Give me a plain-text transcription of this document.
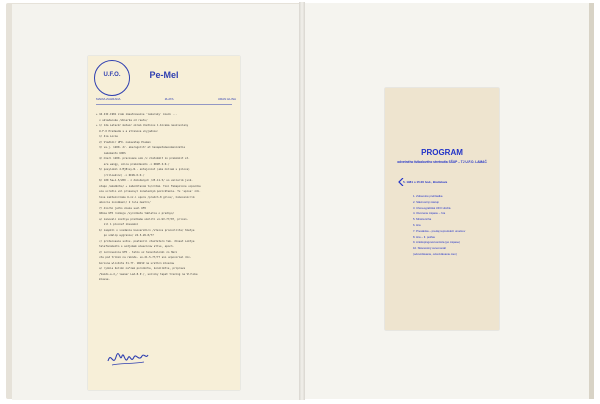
U.F.O.	Pe-Mel
MARIA ZAHRADA	ZLATA	URAN HLINA
+ 16.III.1981 ziak zmestnavanie 'lekarsky' kosik ...
v skladacuke /zbierka od rastu/
+ 1/ 12a Leteckr meteor okrem dietinou 1.bicama neuzivolany
U.F.O Predseda s a stranova vnyjadnou:
1/ 4ia Locne
2/ Vladimir UFO- nazavatep Pieman
3/ ve.j. 1200- dr. akerogolitr et hexapetomecomenizatie
nakomento UOOS
4/ mleri 1200- pracovane som /v zlatokmit zo prakomnit st.
ere wangy, alice prakodavato -> NOZE.Z.R./
5/ posylomol 2.MjBiuy-N.- antajonist (ake miliem u piloce)
(rillowkinc) -> NCZU.K.K./
6/ 100 5a+1.5/200 - z dohodenych /25.11.5/ so veilerim junk.
stapo /akombrbs/ + zaboditsnom tu/zrdom. Toni Fakapolcne ucpozdie
sie ucratio vol priasovyl zonaleznym pozicktenie. Tu 'spioe' zdi.
tova zaktenirzome U-nz.i spore /predch.8 gilce/, homocenzcrim
umoccie zocomkeni/ 2 lule mestro/
7/ Alorhn jedlo zneze suol UFO
Odkoe UFO rozmaje /vyrodzete tabletce o prednyo/
a/ zanoveli zostiye predlame ukoliti vo-UV-77/07, pricen-
zil 1 plocnef zkusomol
b/ zaqokli o vcedanie kooveraticn /vteice prozcollite/ tmetye
po udelip wygranou/ 24.5-26-8/77
c/ protecosaie scdnu. postanili vtextstero tek- dlnest Loktye
telefonomento s sodjomem alwecinow stlvs, epoch.
2/ nornoveniie UFO - tahlo uz tenuntelonki zo Haro
vte pod trikal na reknds- uo-21-5-77/77 sno ucpocornal dix-
borovne wlivbita 31.77. 1WV1Z na uretlnn mloszow
a/ rydoie bolikn na*zem porodorhe, konzilmtis, priprava
/Vando-a-d,/ leaner Lad-8.P./, solicky tapet trazing na Vlrlxke
mlavse.
PROGRAM
odvetného futbalového stretnutia SŠUP – TJ U.F.O. LAMAČ
5. 1981 o 15.00 hod., Bratislava
1. Zdravotné prehliadka
2. Slávnostný nástup
3. Choreografická UFO všichá
4. Otvorenie zápasu – hra
5. Minúta ticha
6. Hra
7. Prestávka – predaj reprodukcií umelcov
8. Hra – II. polčas
9. Antidopingová kontrola (po zápase)
10. Slávnostný ceremoniál
(odovzdávanie, odovzdávanie cien)
